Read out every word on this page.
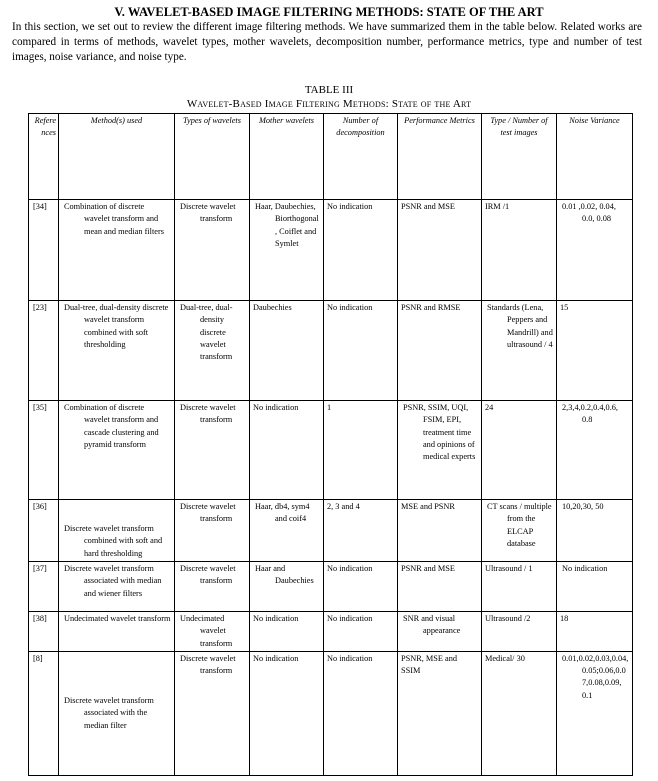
V. WAVELET-BASED IMAGE FILTERING METHODS: STATE OF THE ART
In this section, we set out to review the different image filtering methods. We have summarized them in the table below. Related works are compared in terms of methods, wavelet types, mother wavelets, decomposition number, performance metrics, type and number of test images, noise variance, and noise type.
TABLE III
Wavelet-Based Image Filtering Methods: State of the Art
References	Method(s) used	Types of wavelets	Mother wavelets	Number of decomposition	Performance Metrics	Type / Number of test images	Noise Variance
[34]	Combination of discrete wavelet transform and mean and median filters	Discrete wavelet transform	Haar, Daubechies, Biorthogonal, Coiflet and Symlet	No indication	PSNR and MSE	IRM /1	0.01 ,0.02, 0.04, 0.0, 0.08

[23]	Dual-tree, dual-density discrete wavelet transform combined with soft thresholding	Dual-tree, dual-density discrete wavelet transform	Daubechies	No indication	PSNR and RMSE	Standards (Lena, Peppers and Mandrill) and ultrasound / 4	15
[35]	Combination of discrete wavelet transform and cascade clustering and pyramid transform	Discrete wavelet transform	No indication	1	PSNR, SSIM, UQI, FSIM, EPI, treatment time and opinions of medical experts	24	2,3,4,0.2,0.4,0.6, 0.8

[36]	Discrete wavelet transform combined with soft and hard thresholding	Discrete wavelet transform	Haar, db4, sym4 and coif4	2, 3 and 4	MSE and PSNR	CT scans / multiple from the ELCAP database	10,20,30, 50

[37]	Discrete wavelet transform associated with median and wiener filters	Discrete wavelet transform	Haar and Daubechies	No indication	PSNR and MSE	Ultrasound / 1	No indication

[38]	Undecimated wavelet transform	Undecimated wavelet transform	No indication	No indication	SNR and visual appearance	Ultrasound /2	18
[8]	Discrete wavelet transform associated with the median filter	Discrete wavelet transform	No indication	No indication	PSNR, MSE and SSIM	Medical/ 30	0.01,0.02,0.03,0.04,0.05;0.06,0.07,0.08,0.09, 0.1
